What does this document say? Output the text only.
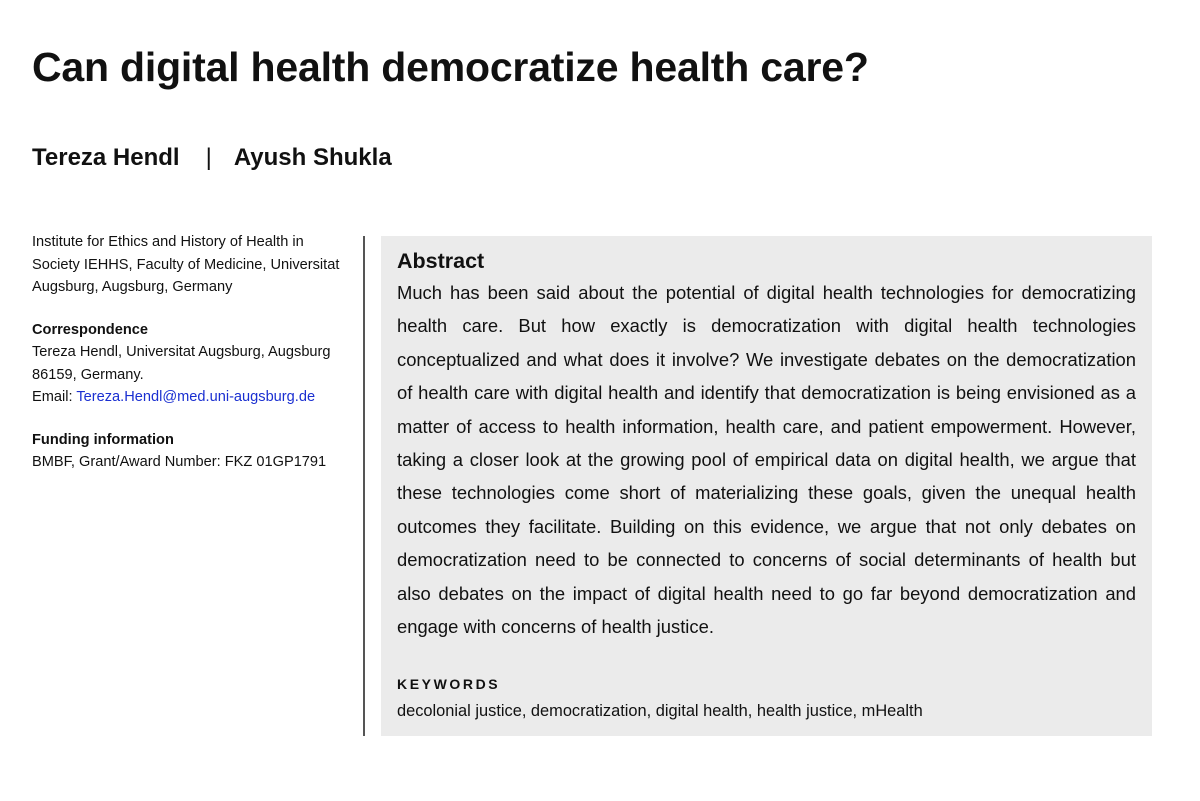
Can digital health democratize health care?
Tereza Hendl | Ayush Shukla

Institute for Ethics and History of Health in Society IEHHS, Faculty of Medicine, Universitat Augsburg, Augsburg, Germany

Correspondence

Tereza Hendl, Universitat Augsburg, Augsburg 86159, Germany.

Email: Tereza.Hendl@med.uni-augsburg.de

Funding information

BMBF, Grant/Award Number: FKZ 01GP1791

Abstract

Much has been said about the potential of digital health technologies for democratizing health care. But how exactly is democratization with digital health technologies conceptualized and what does it involve? We investigate debates on the democratization of health care with digital health and identify that democratization is being envisioned as a matter of access to health information, health care, and patient empowerment. However, taking a closer look at the growing pool of empirical data on digital health, we argue that these technologies come short of materializing these goals, given the unequal health outcomes they facilitate. Building on this evidence, we argue that not only debates on democratization need to be connected to concerns of social determinants of health but also debates on the impact of digital health need to go far beyond democratization and engage with concerns of health justice.

KEYWORDS
decolonial justice, democratization, digital health, health justice, mHealth
